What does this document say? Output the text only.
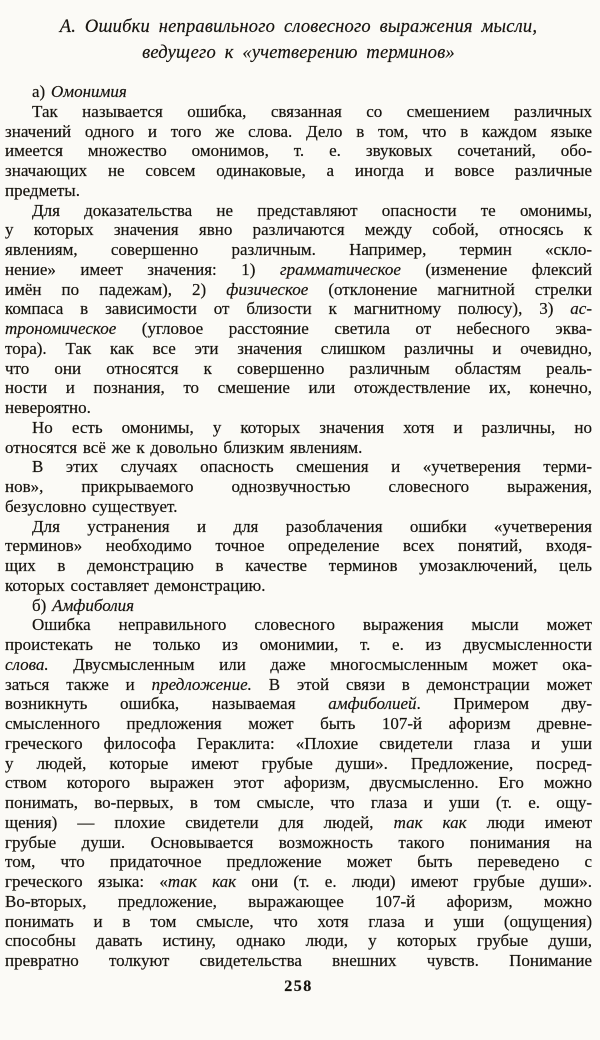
А. Ошибки неправильного словесного выражения мысли,
ведущего к «учетверению терминов»
а) Омонимия
Так называется ошибка, связанная со смешением различных
значений одного и того же слова. Дело в том, что в каждом языке
имеется множество омонимов, т. е. звуковых сочетаний, обо-
значающих не совсем одинаковые, а иногда и вовсе различные
предметы.
Для доказательства не представляют опасности те омонимы,
у которых значения явно различаются между собой, относясь к
явлениям, совершенно различным. Например, термин «скло-
нение» имеет значения: 1) грамматическое (изменение флексий
имён по падежам), 2) физическое (отклонение магнитной стрелки
компаса в зависимости от близости к магнитному полюсу), 3) ас-
трономическое (угловое расстояние светила от небесного эква-
тора). Так как все эти значения слишком различны и очевидно,
что они относятся к совершенно различным областям реаль-
ности и познания, то смешение или отождествление их, конечно,
невероятно.
Но есть омонимы, у которых значения хотя и различны, но
относятся всё же к довольно близким явлениям.
В этих случаях опасность смешения и «учетверения терми-
нов», прикрываемого однозвучностью словесного выражения,
безусловно существует.
Для устранения и для разоблачения ошибки «учетверения
терминов» необходимо точное определение всех понятий, входя-
щих в демонстрацию в качестве терминов умозаключений, цель
которых составляет демонстрацию.
б) Амфиболия
Ошибка неправильного словесного выражения мысли может
проистекать не только из омонимии, т. е. из двусмысленности
слова. Двусмысленным или даже многосмысленным может ока-
заться также и предложение. В этой связи в демонстрации может
возникнуть ошибка, называемая амфиболией. Примером дву-
смысленного предложения может быть 107-й афоризм древне-
греческого философа Гераклита: «Плохие свидетели глаза и уши
у людей, которые имеют грубые души». Предложение, посред-
ством которого выражен этот афоризм, двусмысленно. Его можно
понимать, во-первых, в том смысле, что глаза и уши (т. е. ощу-
щения) — плохие свидетели для людей, так как люди имеют
грубые души. Основывается возможность такого понимания на
том, что придаточное предложение может быть переведено с
греческого языка: «так как они (т. е. люди) имеют грубые души».
Во-вторых, предложение, выражающее 107-й афоризм, можно
понимать и в том смысле, что хотя глаза и уши (ощущения)
способны давать истину, однако люди, у которых грубые души,
превратно толкуют свидетельства внешних чувств. Понимание
258
